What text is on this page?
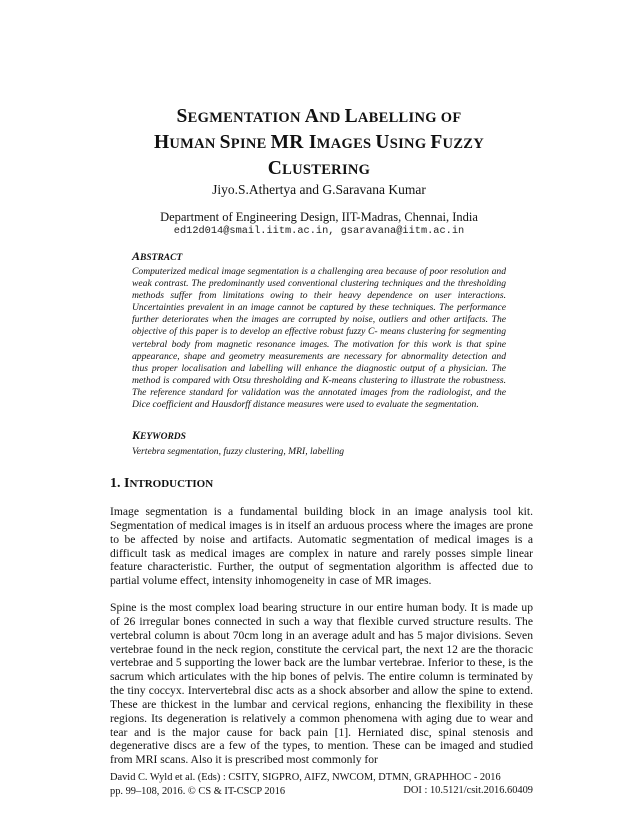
SEGMENTATION AND LABELLING OF
HUMAN SPINE MR IMAGES USING FUZZY
CLUSTERING
Jiyo.S.Athertya and G.Saravana Kumar
Department of Engineering Design, IIT-Madras, Chennai, India
ed12d014@smail.iitm.ac.in, gsaravana@iitm.ac.in
ABSTRACT

Computerized medical image segmentation is a challenging area because of poor resolution and weak contrast. The predominantly used conventional clustering techniques and the thresholding methods suffer from limitations owing to their heavy dependence on user interactions. Uncertainties prevalent in an image cannot be captured by these techniques. The performance further deteriorates when the images are corrupted by noise, outliers and other artifacts. The objective of this paper is to develop an effective robust fuzzy C- means clustering for segmenting vertebral body from magnetic resonance images. The motivation for this work is that spine appearance, shape and geometry measurements are necessary for abnormality detection and thus proper localisation and labelling will enhance the diagnostic output of a physician. The method is compared with Otsu thresholding and K-means clustering to illustrate the robustness. The reference standard for validation was the annotated images from the radiologist, and the Dice coefficient and Hausdorff distance measures were used to evaluate the segmentation.

KEYWORDS
Vertebra segmentation, fuzzy clustering, MRI, labelling
1. INTRODUCTION

Image segmentation is a fundamental building block in an image analysis tool kit. Segmentation of medical images is in itself an arduous process where the images are prone to be affected by noise and artifacts. Automatic segmentation of medical images is a difficult task as medical images are complex in nature and rarely posses simple linear feature characteristic. Further, the output of segmentation algorithm is affected due to partial volume effect, intensity inhomogeneity in case of MR images.

Spine is the most complex load bearing structure in our entire human body. It is made up of 26 irregular bones connected in such a way that flexible curved structure results. The vertebral column is about 70cm long in an average adult and has 5 major divisions. Seven vertebrae found in the neck region, constitute the cervical part, the next 12 are the thoracic vertebrae and 5 supporting the lower back are the lumbar vertebrae. Inferior to these, is the sacrum which articulates with the hip bones of pelvis. The entire column is terminated by the tiny coccyx. Intervertebral disc acts as a shock absorber and allow the spine to extend. These are thickest in the lumbar and cervical regions, enhancing the flexibility in these regions. Its degeneration is relatively a common phenomena with aging due to wear and tear and is the major cause for back pain [1]. Herniated disc, spinal stenosis and degenerative discs are a few of the types, to mention. These can be imaged and studied from MRI scans. Also it is prescribed most commonly for

David C. Wyld et al. (Eds) : CSITY, SIGPRO, AIFZ, NWCOM, DTMN, GRAPHHOC - 2016
pp. 99–108, 2016. © CS & IT-CSCP 2016	DOI : 10.5121/csit.2016.60409
